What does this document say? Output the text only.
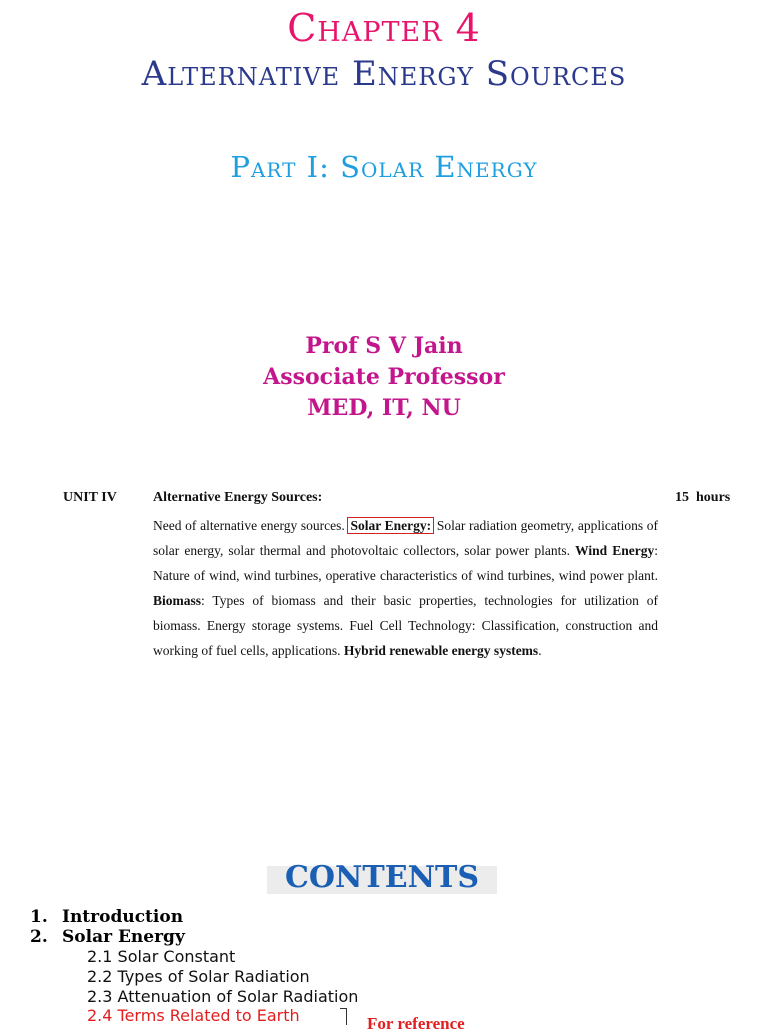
Chapter 4
Alternative Energy Sources
Part I: Solar Energy
Prof S V Jain
Associate Professor
MED, IT, NU
UNIT IV	Alternative Energy Sources:	15  hours
Need of alternative energy sources. Solar Energy: Solar radiation geometry, applications of solar energy, solar thermal and photovoltaic collectors, solar power plants. Wind Energy: Nature of wind, wind turbines, operative characteristics of wind turbines, wind power plant. Biomass: Types of biomass and their basic properties, technologies for utilization of biomass. Energy storage systems. Fuel Cell Technology: Classification, construction and working of fuel cells, applications. Hybrid renewable energy systems.
CONTENTS
1. Introduction
2. Solar Energy
2.1 Solar Constant
2.2 Types of Solar Radiation
2.3 Attenuation of Solar Radiation
2.4 Terms Related to Earth	For reference
